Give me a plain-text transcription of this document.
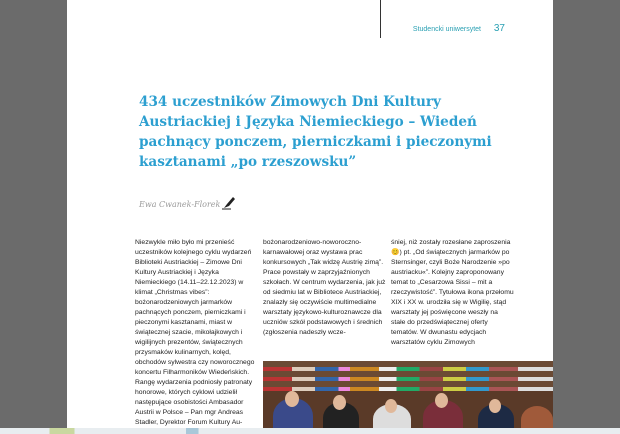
Studencki uniwersytet 37
434 uczestników Zimowych Dni Kultury Austriackiej i Języka Niemieckiego – Wiedeń pachnący ponczem, pierniczkami i pieczonymi kasztanami „po rzeszowsku”
Ewa Cwanek-Florek

Niezwykle miło było mi przenieść uczestników kolejnego cyklu wydarzeń Biblioteki Austriackiej – Zimowe Dni Kultury Austriackiej i Języka Niemieckiego (14.11–22.12.2023) w klimat „Christmas vibes”: bożonarodzeniowych jarmarków pachnących ponczem, pierniczkami i pieczonymi kasztanami, miast w świątecznej szacie, mikołajkowych i wigilijnych prezentów, świątecznych przysmaków kulinarnych, kolęd, obchodów sylwestra czy noworocznego koncertu Filharmoników Wiedeńskich. Rangę wydarzenia podniosły patronaty honorowe, których cyklowi udzielił następujące osobistości Ambasador Austrii w Polsce – Pan mgr Andreas Stadler, Dyrektor Forum Kultury Au-

bożonarodzeniowo-noworoczno-karnawałowej oraz wystawa prac konkursowych „Tak widzę Austrię zimą”. Prace powstały w zaprzyjaźnionych szkołach. W centrum wydarzenia, jak już od siedmiu lat w Bibliotece Austriackiej, znalazły się oczywiście multimedialne warsztaty językowo-kulturoznawcze dla uczniów szkół podstawowych i średnich (zgłoszenia nadeszły wcze-

śniej, niż zostały rozesłane zaproszenia 😊) pt. „Od świątecznych jarmarków po Sternsinger, czyli Boże Narodzenie »po austriacku«”. Kolejny zaproponowany temat to „Cesarzowa Sissi – mit a rzeczywistość”. Tytułowa ikona przełomu XIX i XX w. urodziła się w Wigilię, stąd warsztaty jej poświęcone weszły na stałe do przedświątecznej oferty tematów. W dwunastu edycjach warsztatów cyklu Zimowych
